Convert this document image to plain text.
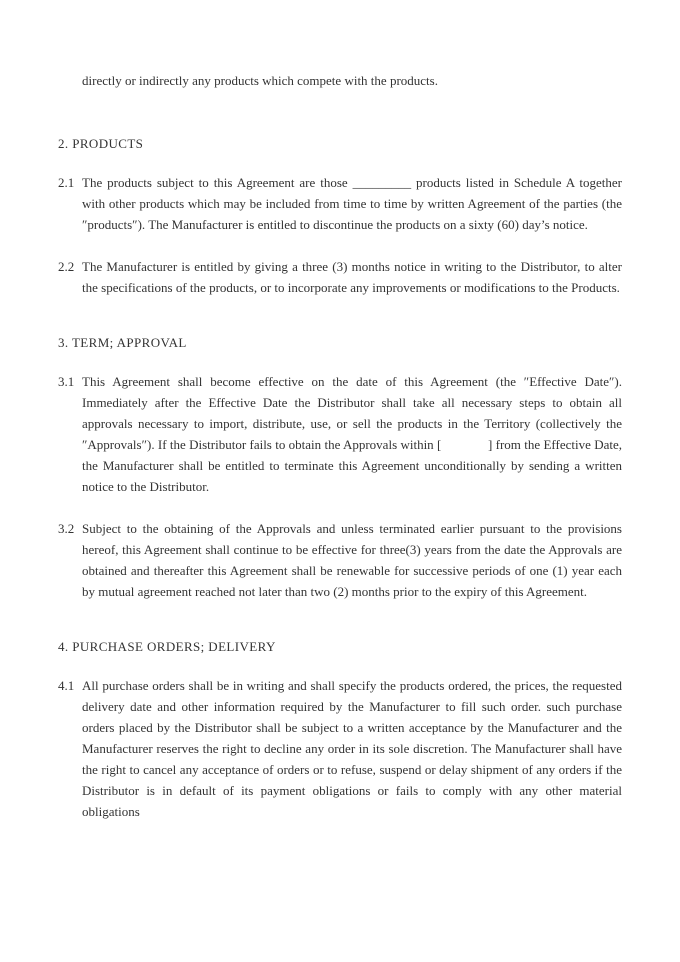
directly or indirectly any products which compete with the products.

2. PRODUCTS

2.1 The products subject to this Agreement are those _________ products listed in Schedule A together with other products which may be included from time to time by written Agreement of the parties (the ″products″). The Manufacturer is entitled to discontinue the products on a sixty (60) day’s notice.

2.2 The Manufacturer is entitled by giving a three (3) months notice in writing to the Distributor, to alter the specifications of the products, or to incorporate any improvements or modifications to the Products.

3. TERM; APPROVAL

3.1 This Agreement shall become effective on the date of this Agreement (the ″Effective Date″). Immediately after the Effective Date the Distributor shall take all necessary steps to obtain all approvals necessary to import, distribute, use, or sell the products in the Territory (collectively the ″Approvals″). If the Distributor fails to obtain the Approvals within [              ] from the Effective Date, the Manufacturer shall be entitled to terminate this Agreement unconditionally by sending a written notice to the Distributor.

3.2 Subject to the obtaining of the Approvals and unless terminated earlier pursuant to the provisions hereof, this Agreement shall continue to be effective for three(3) years from the date the Approvals are obtained and thereafter this Agreement shall be renewable for successive periods of one (1) year each by mutual agreement reached not later than two (2) months prior to the expiry of this Agreement.

4. PURCHASE ORDERS; DELIVERY

4.1 All purchase orders shall be in writing and shall specify the products ordered, the prices, the requested delivery date and other information required by the Manufacturer to fill such order. such purchase orders placed by the Distributor shall be subject to a written acceptance by the Manufacturer and the Manufacturer reserves the right to decline any order in its sole discretion. The Manufacturer shall have the right to cancel any acceptance of orders or to refuse, suspend or delay shipment of any orders if the Distributor is in default of its payment obligations or fails to comply with any other material obligations
